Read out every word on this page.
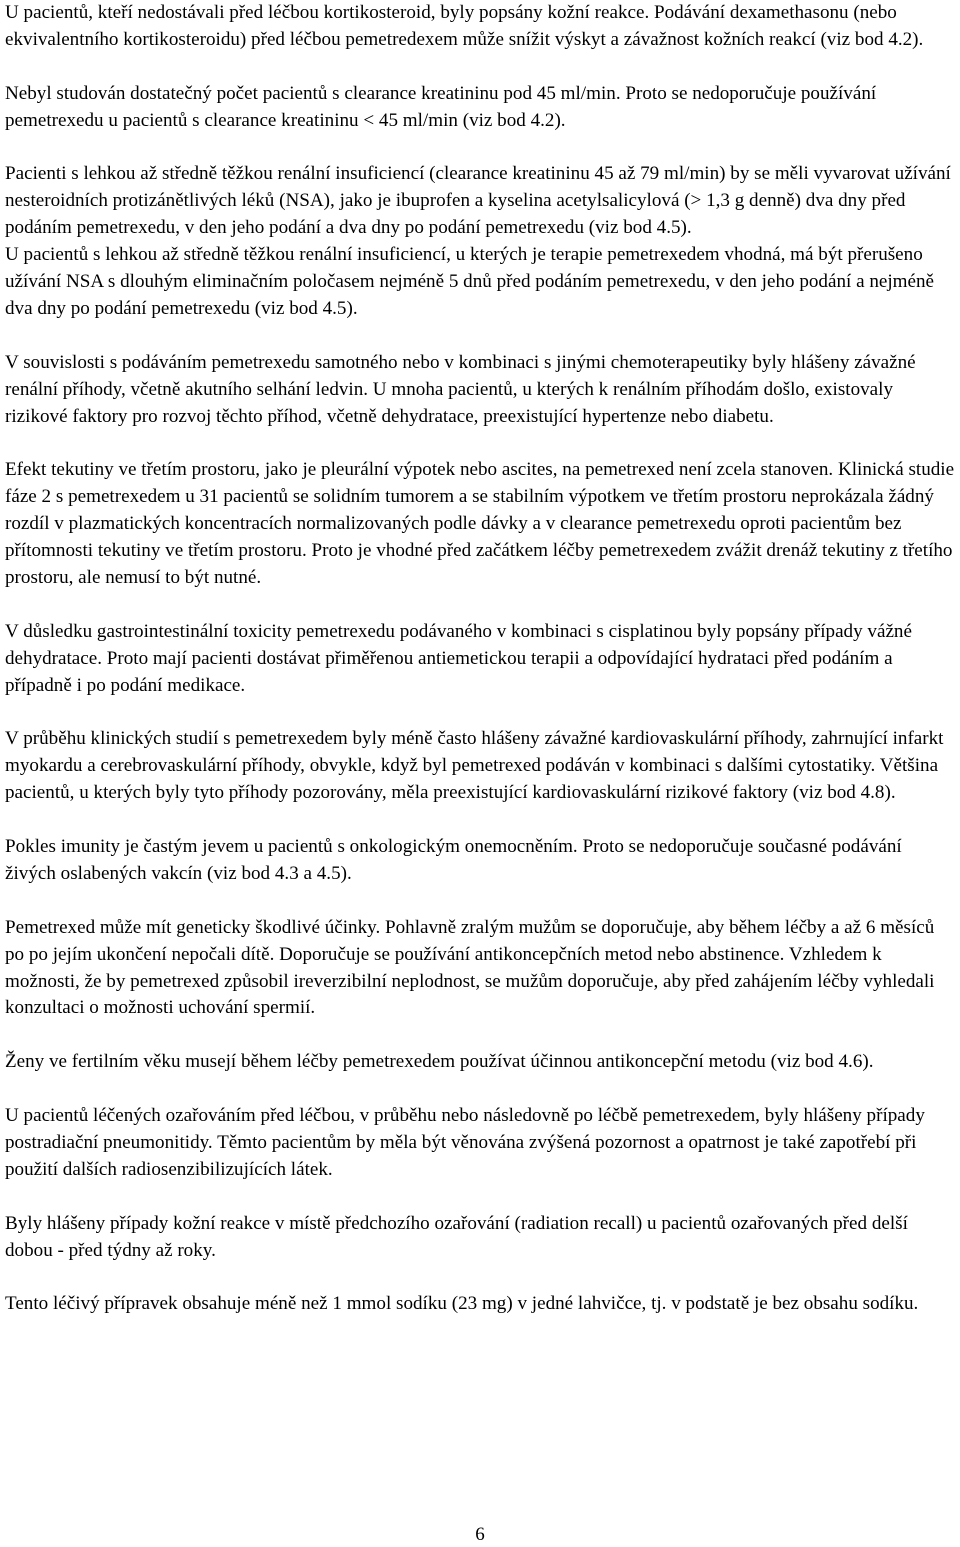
U pacientů, kteří nedostávali před léčbou kortikosteroid, byly popsány kožní reakce. Podávání dexamethasonu (nebo ekvivalentního kortikosteroidu) před léčbou pemetredexem může snížit výskyt a závažnost kožních reakcí (viz bod 4.2).

Nebyl studován dostatečný počet pacientů s clearance kreatininu pod 45 ml/min. Proto se nedoporučuje používání pemetrexedu u pacientů s clearance kreatininu < 45 ml/min (viz bod 4.2).

Pacienti s lehkou až středně těžkou renální insuficiencí (clearance kreatininu 45 až 79 ml/min) by se měli vyvarovat užívání nesteroidních protizánětlivých léků (NSA), jako je ibuprofen a kyselina acetylsalicylová (> 1,3 g denně) dva dny před podáním pemetrexedu, v den jeho podání a dva dny po podání pemetrexedu (viz bod 4.5).

U pacientů s lehkou až středně těžkou renální insuficiencí, u kterých je terapie pemetrexedem vhodná, má být přerušeno užívání NSA s dlouhým eliminačním poločasem nejméně 5 dnů před podáním pemetrexedu, v den jeho podání a nejméně dva dny po podání pemetrexedu (viz bod 4.5).

V souvislosti s podáváním pemetrexedu samotného nebo v kombinaci s jinými chemoterapeutiky byly hlášeny závažné renální příhody, včetně akutního selhání ledvin. U mnoha pacientů, u kterých k renálním příhodám došlo, existovaly rizikové faktory pro rozvoj těchto příhod, včetně dehydratace, preexistující hypertenze nebo diabetu.

Efekt tekutiny ve třetím prostoru, jako je pleurální výpotek nebo ascites, na pemetrexed není zcela stanoven. Klinická studie fáze 2 s pemetrexedem u 31 pacientů se solidním tumorem a se stabilním výpotkem ve třetím prostoru neprokázala žádný rozdíl v plazmatických koncentracích normalizovaných podle dávky a v clearance pemetrexedu oproti pacientům bez přítomnosti tekutiny ve třetím prostoru. Proto je vhodné před začátkem léčby pemetrexedem zvážit drenáž tekutiny z třetího prostoru, ale nemusí to být nutné.

V důsledku gastrointestinální toxicity pemetrexedu podávaného v kombinaci s cisplatinou byly popsány případy vážné dehydratace. Proto mají pacienti dostávat přiměřenou antiemetickou terapii a odpovídající hydrataci před podáním a případně i po podání medikace.

V průběhu klinických studií s pemetrexedem byly méně často hlášeny závažné kardiovaskulární příhody, zahrnující infarkt myokardu a cerebrovaskulární příhody, obvykle, když byl pemetrexed podáván v kombinaci s dalšími cytostatiky. Většina pacientů, u kterých byly tyto příhody pozorovány, měla preexistující kardiovaskulární rizikové faktory (viz bod 4.8).

Pokles imunity je častým jevem u pacientů s onkologickým onemocněním. Proto se nedoporučuje současné podávání živých oslabených vakcín (viz bod 4.3 a 4.5).

Pemetrexed může mít geneticky škodlivé účinky. Pohlavně zralým mužům se doporučuje, aby během léčby a až 6 měsíců po po jejím ukončení nepočali dítě. Doporučuje se používání antikoncepčních metod nebo abstinence. Vzhledem k možnosti, že by pemetrexed způsobil ireverzibilní neplodnost, se mužům doporučuje, aby před zahájením léčby vyhledali konzultaci o možnosti uchování spermií.

Ženy ve fertilním věku musejí během léčby pemetrexedem používat účinnou antikoncepční metodu (viz bod 4.6).

U pacientů léčených ozařováním před léčbou, v průběhu nebo následovně po léčbě pemetrexedem, byly hlášeny případy postradiační pneumonitidy. Těmto pacientům by měla být věnována zvýšená pozornost a opatrnost je také zapotřebí při použití dalších radiosenzibilizujících látek.

Byly hlášeny případy kožní reakce v místě předchozího ozařování (radiation recall) u pacientů ozařovaných před delší dobou - před týdny až roky.

Tento léčivý přípravek obsahuje méně než 1 mmol sodíku (23 mg) v jedné lahvičce, tj. v podstatě je bez obsahu sodíku.

6
